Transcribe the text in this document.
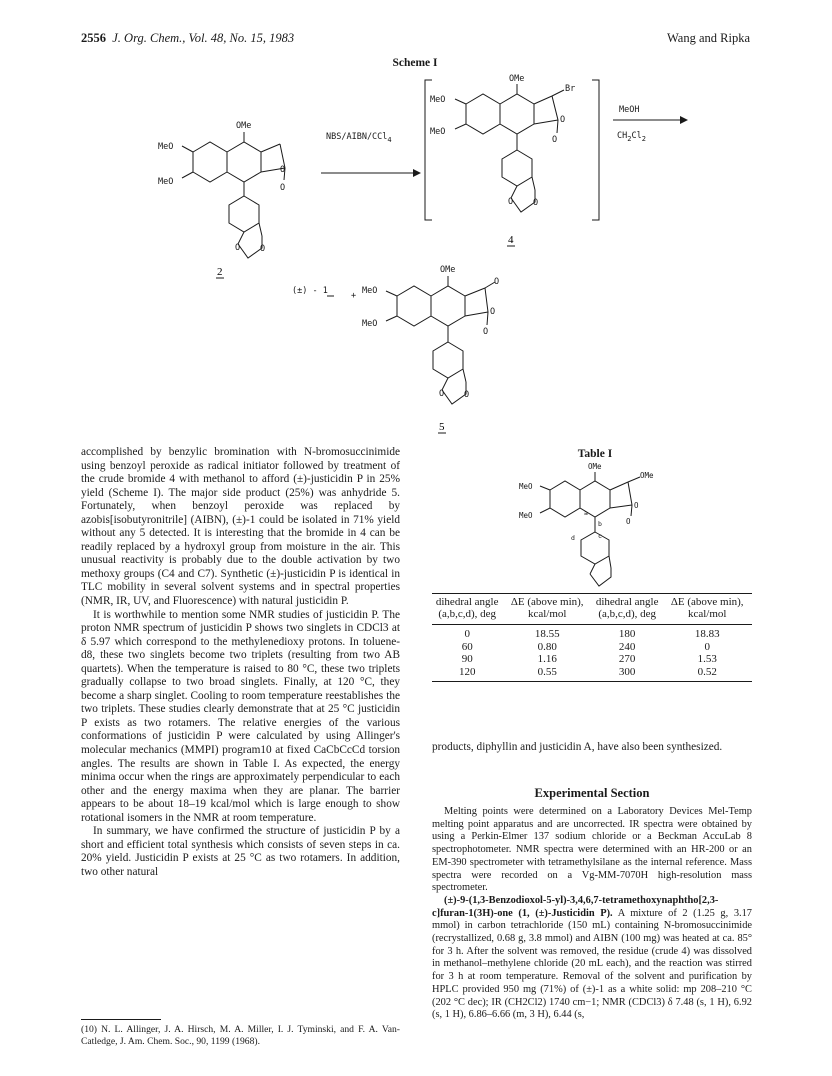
2556 J. Org. Chem., Vol. 48, No. 15, 1983	Wang and Ripka
Scheme I
OMe
MeO
MeO
O
O
O O
2
NBS/AIBN/CCl$_4$
OMe
MeO
MeO
Br
O
O
O O
4
MeOH
$CH_2Cl_2$
(±) - 1	+
OMe
MeO
MeO
O
O
O
O O
5

accomplished by benzylic bromination with N-bromosuccinimide using benzoyl peroxide as radical initiator followed by treatment of the crude bromide 4 with methanol to afford (±)-justicidin P in 25% yield (Scheme I). The major side product (25%) was anhydride 5. Fortunately, when benzoyl peroxide was replaced by azobis[isobutyronitrile] (AIBN), (±)-1 could be isolated in 71% yield without any 5 detected. It is interesting that the bromide in 4 can be readily replaced by a hydroxyl group from moisture in the air. This unusual reactivity is probably due to the double activation by two methoxy groups (C4 and C7). Synthetic (±)-justicidin P is identical in TLC mobility in several solvent systems and in spectral properties (NMR, IR, UV, and Fluorescence) with natural justicidin P.

It is worthwhile to mention some NMR studies of justicidin P. The proton NMR spectrum of justicidin P shows two singlets in CDCl3 at δ 5.97 which correspond to the methylenedioxy protons. In toluene-d8, these two singlets become two triplets (resulting from two AB quartets). When the temperature is raised to 80 °C, these two triplets gradually collapse to two broad singlets. Finally, at 120 °C, they become a sharp singlet. Cooling to room temperature reestablishes the two triplets. These studies clearly demonstrate that at 25 °C justicidin P exists as two rotamers. The relative energies of the various conformations of justicidin P were calculated by using Allinger's molecular mechanics (MMPI) program10 at fixed CaCbCcCd torsion angles. The results are shown in Table I. As expected, the energy minima occur when the rings are approximately perpendicular to each other and the energy maxima when they are planar. The barrier appears to be about 18–19 kcal/mol which is large enough to show rotational isomers in the NMR at room temperature.

In summary, we have confirmed the structure of justicidin P by a short and efficient total synthesis which consists of seven steps in ca. 20% yield. Justicidin P exists at 25 °C as two rotamers. In addition, two other natural

(10) N. L. Allinger, J. A. Hirsch, M. A. Miller, I. J. Tyminski, and F. A. Van-Catledge, J. Am. Chem. Soc., 90, 1199 (1968).
Table I
OMe
MeO
MeO
OMe
O
O
a
b
c
d
dihedral angle (a,b,c,d), deg	ΔE (above min), kcal/mol	dihedral angle (a,b,c,d), deg	ΔE (above min), kcal/mol

0	18.55	180	18.83
60	0.80	240	0
90	1.16	270	1.53
120	0.55	300	0.52

products, diphyllin and justicidin A, have also been synthesized.

Experimental Section

Melting points were determined on a Laboratory Devices Mel-Temp melting point apparatus and are uncorrected. IR spectra were obtained by using a Perkin-Elmer 137 sodium chloride or a Beckman AccuLab 8 spectrophotometer. NMR spectra were determined with an HR-200 or an EM-390 spectrometer with tetramethylsilane as the internal reference. Mass spectra were recorded on a Vg-MM-7070H high-resolution mass spectrometer.

(±)-9-(1,3-Benzodioxol-5-yl)-3,4,6,7-tetramethoxynaphtho[2,3-c]furan-1(3H)-one (1, (±)-Justicidin P). A mixture of 2 (1.25 g, 3.17 mmol) in carbon tetrachloride (150 mL) containing N-bromosuccinimide (recrystallized, 0.68 g, 3.8 mmol) and AIBN (100 mg) was heated at ca. 85° for 3 h. After the solvent was removed, the residue (crude 4) was dissolved in methanol–methylene chloride (20 mL each), and the reaction was stirred for 3 h at room temperature. Removal of the solvent and purification by HPLC provided 950 mg (71%) of (±)-1 as a white solid: mp 208–210 °C (202 °C dec); IR (CH2Cl2) 1740 cm−1; NMR (CDCl3) δ 7.48 (s, 1 H), 6.92 (s, 1 H), 6.86–6.66 (m, 3 H), 6.44 (s,
